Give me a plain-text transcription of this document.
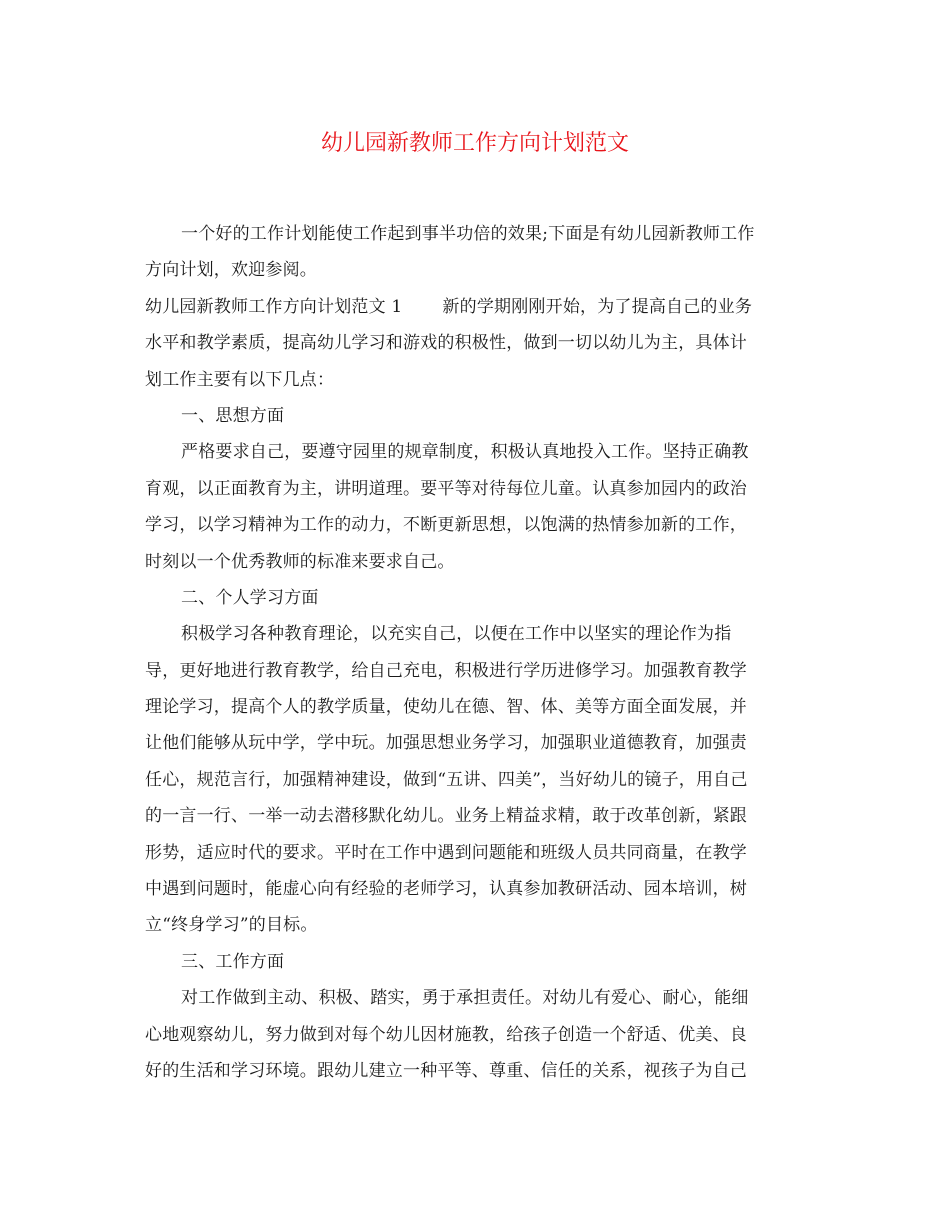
幼儿园新教师工作方向计划范文
一个好的工作计划能使工作起到事半功倍的效果;下面是有幼儿园新教师工作
方向计划，欢迎参阅。
幼儿园新教师工作方向计划范文 1 新的学期刚刚开始，为了提高自己的业务
水平和教学素质，提高幼儿学习和游戏的积极性，做到一切以幼儿为主，具体计
划工作主要有以下几点：
一、思想方面
严格要求自己，要遵守园里的规章制度，积极认真地投入工作。坚持正确教
育观，以正面教育为主，讲明道理。要平等对待每位儿童。认真参加园内的政治
学习，以学习精神为工作的动力，不断更新思想，以饱满的热情参加新的工作，
时刻以一个优秀教师的标准来要求自己。
二、个人学习方面
积极学习各种教育理论，以充实自己，以便在工作中以坚实的理论作为指
导，更好地进行教育教学，给自己充电，积极进行学历进修学习。加强教育教学
理论学习，提高个人的教学质量，使幼儿在德、智、体、美等方面全面发展，并
让他们能够从玩中学，学中玩。加强思想业务学习，加强职业道德教育，加强责
任心，规范言行，加强精神建设，做到“五讲、四美”，当好幼儿的镜子，用自己
的一言一行、一举一动去潜移默化幼儿。业务上精益求精，敢于改革创新，紧跟
形势，适应时代的要求。平时在工作中遇到问题能和班级人员共同商量，在教学
中遇到问题时，能虚心向有经验的老师学习，认真参加教研活动、园本培训，树
立“终身学习”的目标。
三、工作方面
对工作做到主动、积极、踏实，勇于承担责任。对幼儿有爱心、耐心，能细
心地观察幼儿，努力做到对每个幼儿因材施教，给孩子创造一个舒适、优美、良
好的生活和学习环境。跟幼儿建立一种平等、尊重、信任的关系，视孩子为自己
